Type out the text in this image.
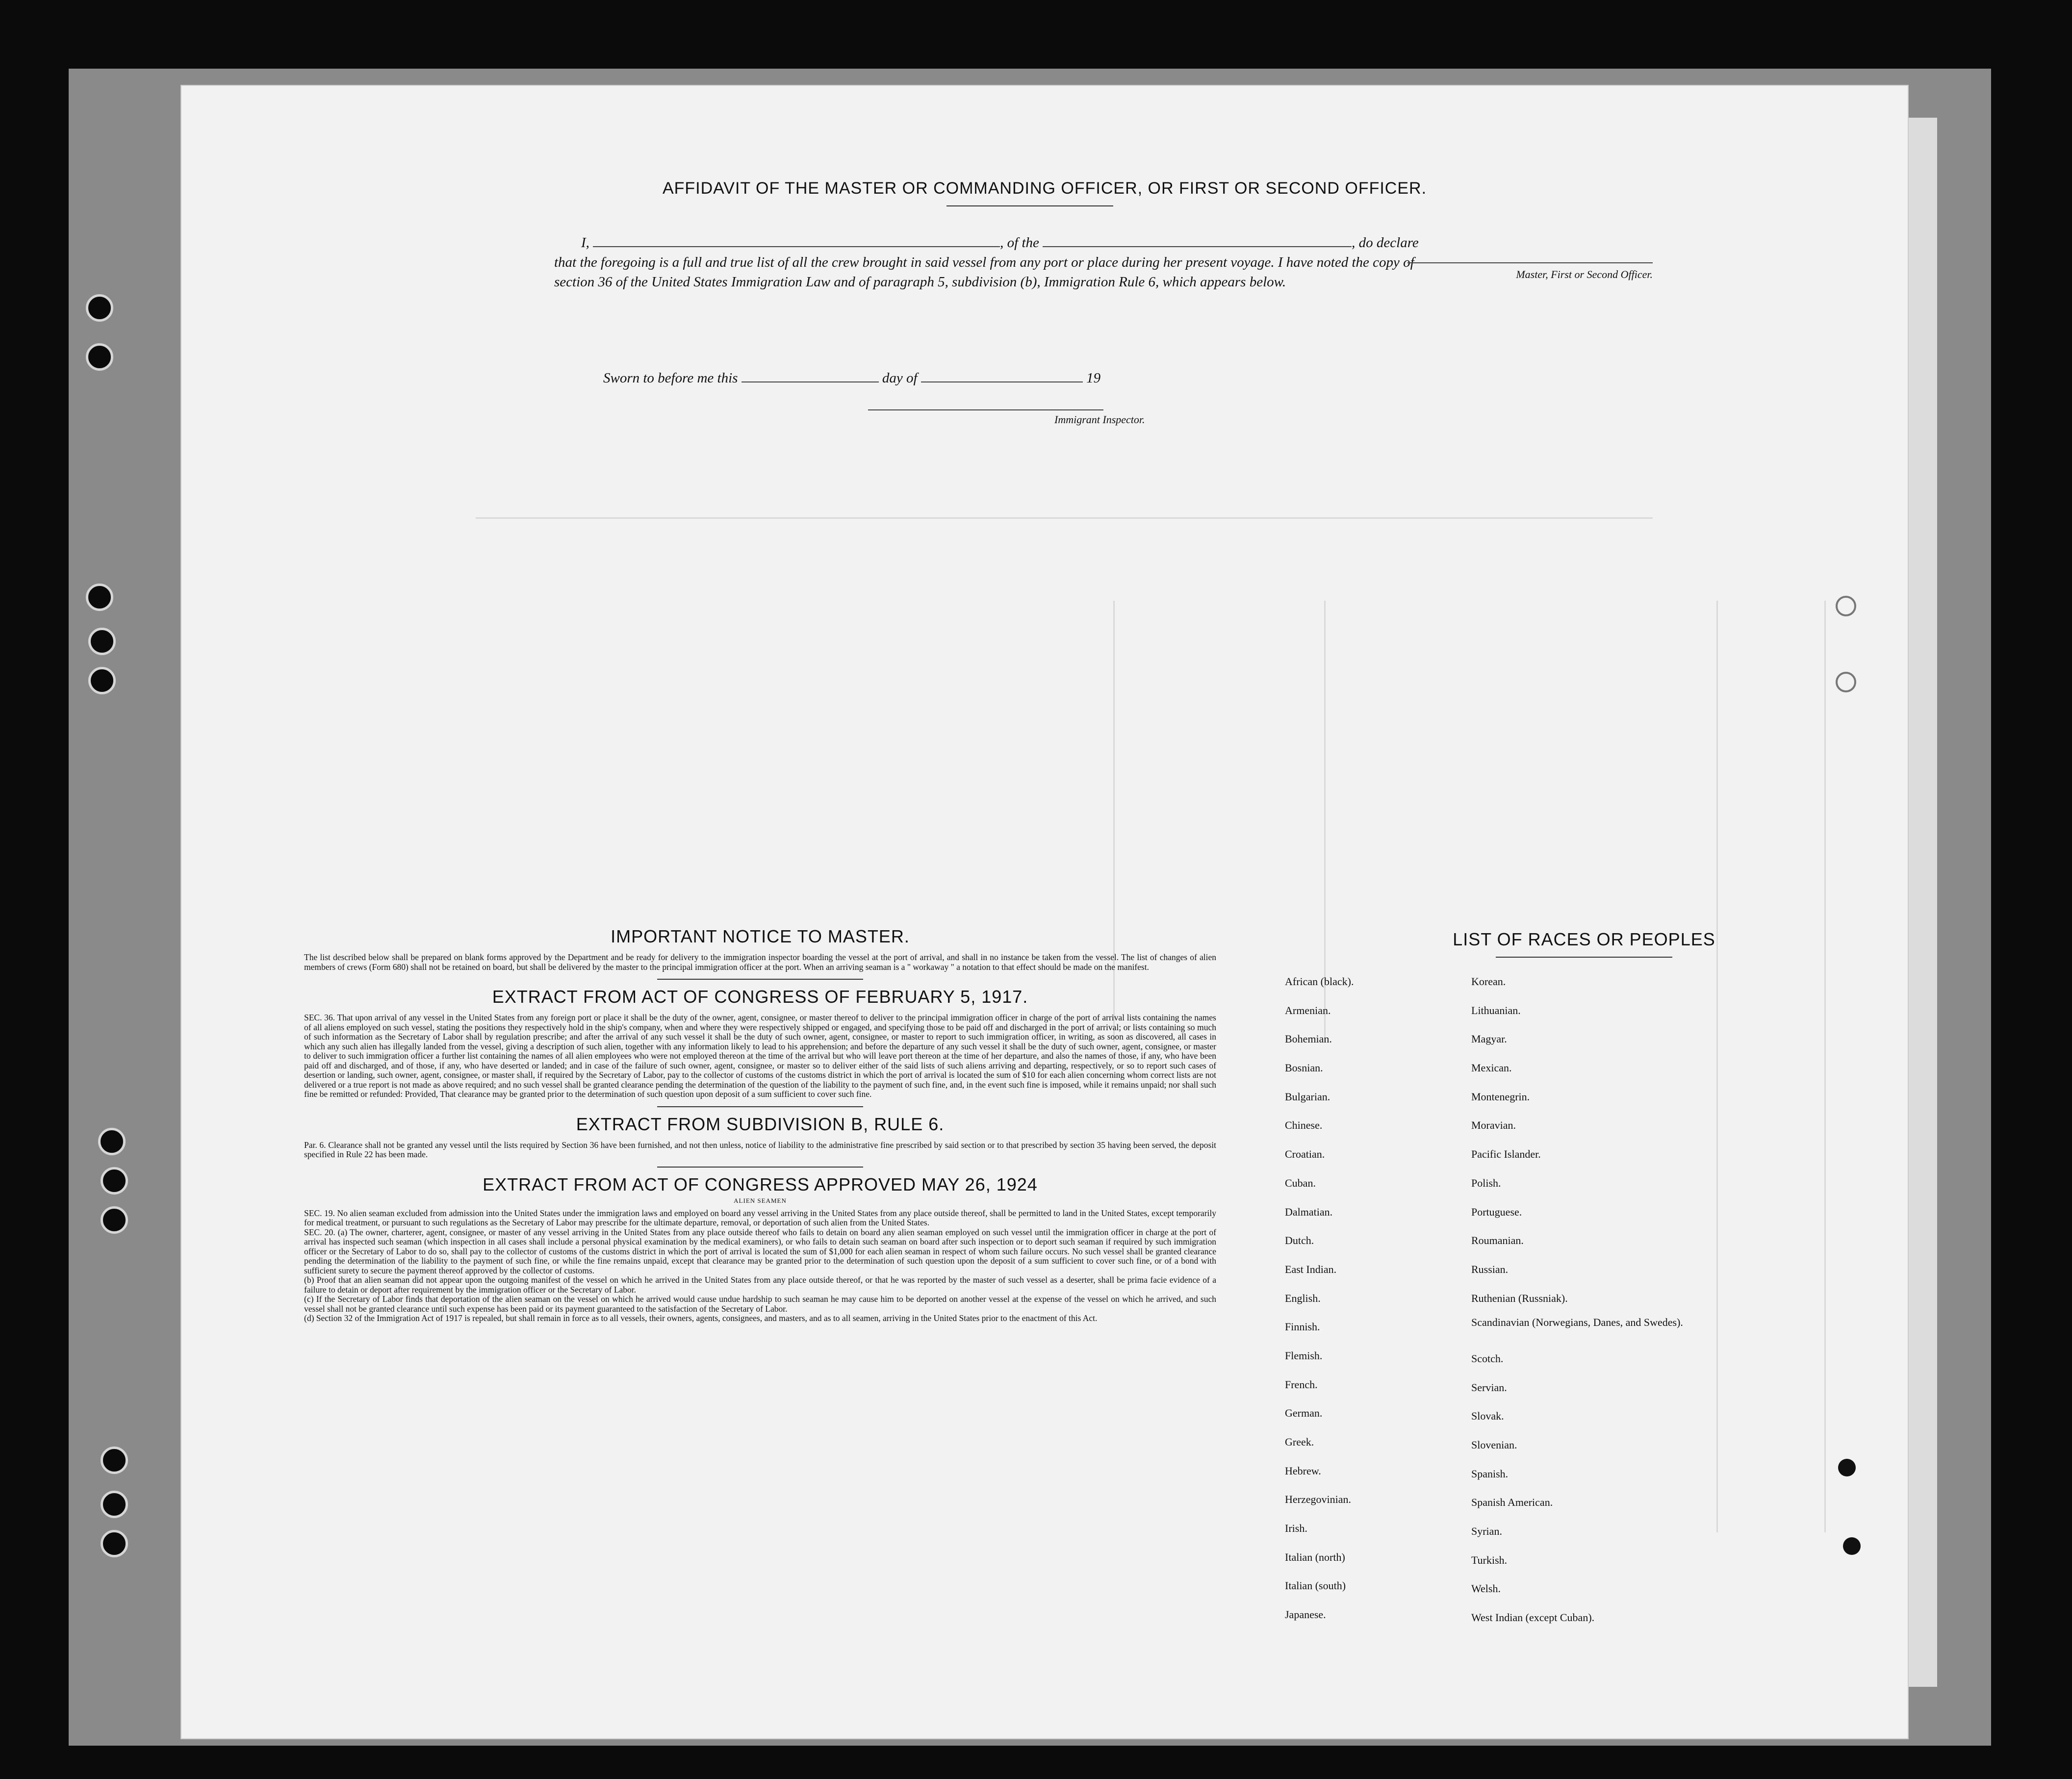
AFFIDAVIT OF THE MASTER OR COMMANDING OFFICER, OR FIRST OR SECOND OFFICER.
I,	, of the	, do declare
that the foregoing is a full and true list of all the crew brought in said vessel from any port or place during her present voyage. I have noted the copy of section 36 of the United States Immigration Law and of paragraph 5, subdivision (b), Immigration Rule 6, which appears below.	Master, First or Second Officer.
Sworn to before me this	day of	19
Immigrant Inspector.
IMPORTANT NOTICE TO MASTER.
The list described below shall be prepared on blank forms approved by the Department and be ready for delivery to the immigration inspector boarding the vessel at the port of arrival, and shall in no instance be taken from the vessel. The list of changes of alien members of crews (Form 680) shall not be retained on board, but shall be delivered by the master to the principal immigration officer at the port. When an arriving seaman is a " workaway " a notation to that effect should be made on the manifest.
EXTRACT FROM ACT OF CONGRESS OF FEBRUARY 5, 1917.
SEC. 36. That upon arrival of any vessel in the United States from any foreign port or place it shall be the duty of the owner, agent, consignee, or master thereof to deliver to the principal immigration officer in charge of the port of arrival lists containing the names of all aliens employed on such vessel, stating the positions they respectively hold in the ship's company, when and where they were respectively shipped or engaged, and specifying those to be paid off and discharged in the port of arrival; or lists containing so much of such information as the Secretary of Labor shall by regulation prescribe; and after the arrival of any such vessel it shall be the duty of such owner, agent, consignee, or master to report to such immigration officer, in writing, as soon as discovered, all cases in which any such alien has illegally landed from the vessel, giving a description of such alien, together with any information likely to lead to his apprehension; and before the departure of any such vessel it shall be the duty of such owner, agent, consignee, or master to deliver to such immigration officer a further list containing the names of all alien employees who were not employed thereon at the time of the arrival but who will leave port thereon at the time of her departure, and also the names of those, if any, who have been paid off and discharged, and of those, if any, who have deserted or landed; and in case of the failure of such owner, agent, consignee, or master so to deliver either of the said lists of such aliens arriving and departing, respectively, or so to report such cases of desertion or landing, such owner, agent, consignee, or master shall, if required by the Secretary of Labor, pay to the collector of customs of the customs district in which the port of arrival is located the sum of $10 for each alien concerning whom correct lists are not delivered or a true report is not made as above required; and no such vessel shall be granted clearance pending the determination of the question of the liability to the payment of such fine, and, in the event such fine is imposed, while it remains unpaid; nor shall such fine be remitted or refunded: Provided, That clearance may be granted prior to the determination of such question upon deposit of a sum sufficient to cover such fine.
EXTRACT FROM SUBDIVISION B, RULE 6.
Par. 6. Clearance shall not be granted any vessel until the lists required by Section 36 have been furnished, and not then unless, notice of liability to the administrative fine prescribed by said section or to that prescribed by section 35 having been served, the deposit specified in Rule 22 has been made.
EXTRACT FROM ACT OF CONGRESS APPROVED MAY 26, 1924
ALIEN SEAMEN
SEC. 19. No alien seaman excluded from admission into the United States under the immigration laws and employed on board any vessel arriving in the United States from any place outside thereof, shall be permitted to land in the United States, except temporarily for medical treatment, or pursuant to such regulations as the Secretary of Labor may prescribe for the ultimate departure, removal, or deportation of such alien from the United States.
SEC. 20. (a) The owner, charterer, agent, consignee, or master of any vessel arriving in the United States from any place outside thereof who fails to detain on board any alien seaman employed on such vessel until the immigration officer in charge at the port of arrival has inspected such seaman (which inspection in all cases shall include a personal physical examination by the medical examiners), or who fails to detain such seaman on board after such inspection or to deport such seaman if required by such immigration officer or the Secretary of Labor to do so, shall pay to the collector of customs of the customs district in which the port of arrival is located the sum of $1,000 for each alien seaman in respect of whom such failure occurs. No such vessel shall be granted clearance pending the determination of the liability to the payment of such fine, or while the fine remains unpaid, except that clearance may be granted prior to the determination of such question upon the deposit of a sum sufficient to cover such fine, or of a bond with sufficient surety to secure the payment thereof approved by the collector of customs.
(b) Proof that an alien seaman did not appear upon the outgoing manifest of the vessel on which he arrived in the United States from any place outside thereof, or that he was reported by the master of such vessel as a deserter, shall be prima facie evidence of a failure to detain or deport after requirement by the immigration officer or the Secretary of Labor.
(c) If the Secretary of Labor finds that deportation of the alien seaman on the vessel on which he arrived would cause undue hardship to such seaman he may cause him to be deported on another vessel at the expense of the vessel on which he arrived, and such vessel shall not be granted clearance until such expense has been paid or its payment guaranteed to the satisfaction of the Secretary of Labor.
(d) Section 32 of the Immigration Act of 1917 is repealed, but shall remain in force as to all vessels, their owners, agents, consignees, and masters, and as to all seamen, arriving in the United States prior to the enactment of this Act.
LIST OF RACES OR PEOPLES
African (black).
Armenian.
Bohemian.
Bosnian.
Bulgarian.
Chinese.
Croatian.
Cuban.
Dalmatian.
Dutch.
East Indian.
English.
Finnish.
Flemish.
French.
German.
Greek.
Hebrew.
Herzegovinian.
Irish.
Italian (north)
Italian (south)
Japanese.
Korean.
Lithuanian.
Magyar.
Mexican.
Montenegrin.
Moravian.
Pacific Islander.
Polish.
Portuguese.
Roumanian.
Russian.
Ruthenian (Russniak).
Scandinavian (Norwegians, Danes, and Swedes).
Scotch.
Servian.
Slovak.
Slovenian.
Spanish.
Spanish American.
Syrian.
Turkish.
Welsh.
West Indian (except Cuban).
